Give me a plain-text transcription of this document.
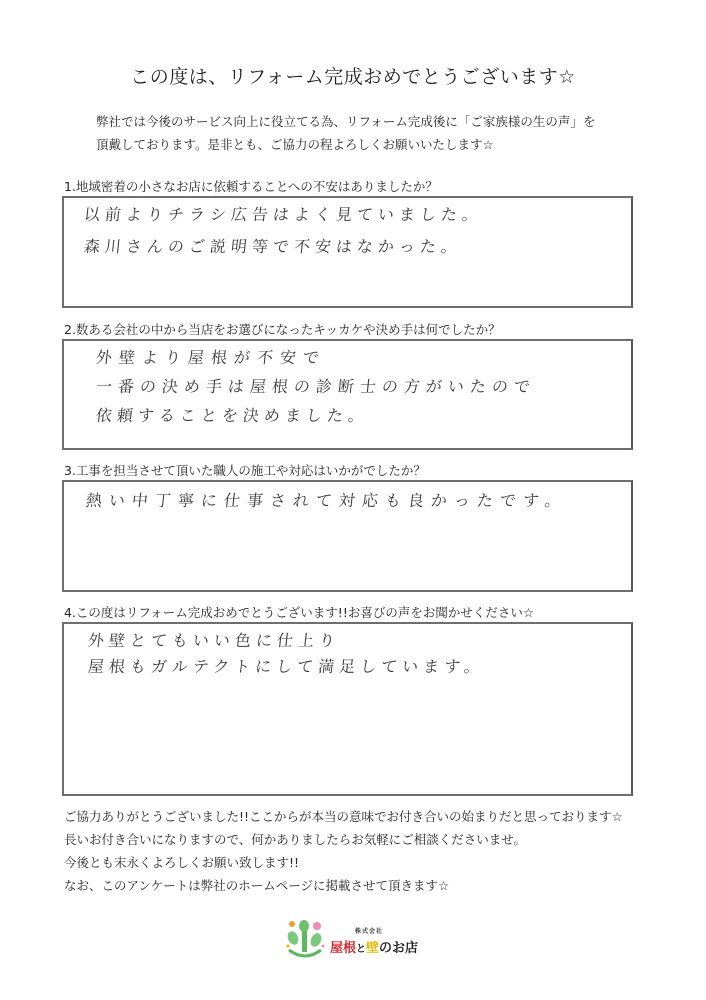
この度は、リフォーム完成おめでとうございます☆
弊社では今後のサービス向上に役立てる為、リフォーム完成後に「ご家族様の生の声」を
頂戴しております。是非とも、ご協力の程よろしくお願いいたします☆
1.地域密着の小さなお店に依頼することへの不安はありましたか？
以前よりチラシ広告はよく見ていました。
森川さんのご説明等で不安はなかった。
2.数ある会社の中から当店をお選びになったキッカケや決め手は何でしたか？
外壁より屋根が不安で
一番の決め手は屋根の診断士の方がいたので
依頼することを決めました。
3.工事を担当させて頂いた職人の施工や対応はいかがでしたか？
熱い中丁寧に仕事されて対応も良かったです。
4.この度はリフォーム完成おめでとうございます!!お喜びの声をお聞かせください☆
外壁とてもいい色に仕上り
屋根もガルテクトにして満足しています。
ご協力ありがとうございました!!ここからが本当の意味でお付き合いの始まりだと思っております☆
長いお付き合いになりますので、何かありましたらお気軽にご相談くださいませ。
今後とも末永くよろしくお願い致します!!
なお、このアンケートは弊社のホームページに掲載させて頂きます☆
株式会社
屋根と壁のお店
